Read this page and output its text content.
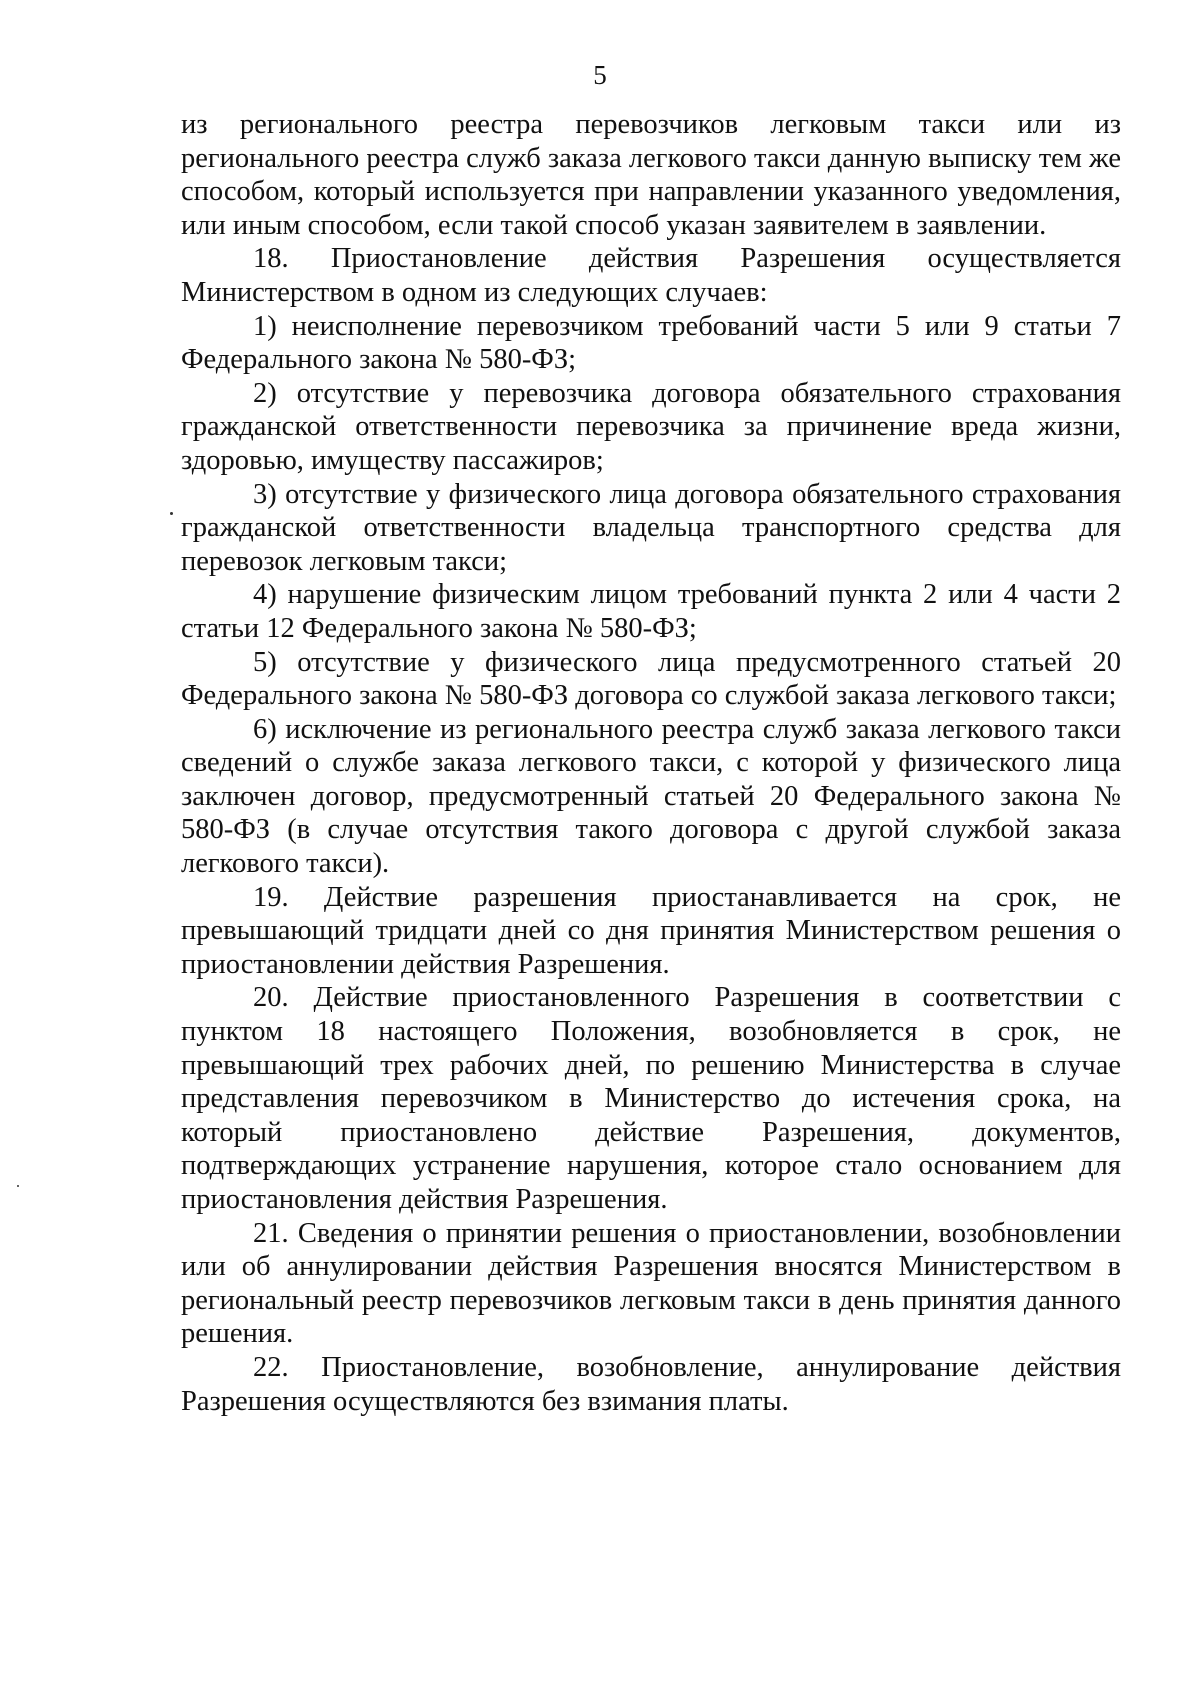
5

из регионального реестра перевозчиков легковым такси или из регионального реестра служб заказа легкового такси данную выписку тем же способом, который используется при направлении указанного уведомления, или иным способом, если такой способ указан заявителем в заявлении.

18. Приостановление действия Разрешения осуществляется Министерством в одном из следующих случаев:

1) неисполнение перевозчиком требований части 5 или 9 статьи 7 Федерального закона № 580-ФЗ;

2) отсутствие у перевозчика договора обязательного страхования гражданской ответственности перевозчика за причинение вреда жизни, здоровью, имуществу пассажиров;

3) отсутствие у физического лица договора обязательного страхования гражданской ответственности владельца транспортного средства для перевозок легковым такси;

4) нарушение физическим лицом требований пункта 2 или 4 части 2 статьи 12 Федерального закона № 580-ФЗ;

5) отсутствие у физического лица предусмотренного статьей 20 Федерального закона № 580-ФЗ договора со службой заказа легкового такси;

6) исключение из регионального реестра служб заказа легкового такси сведений о службе заказа легкового такси, с которой у физического лица заключен договор, предусмотренный статьей 20 Федерального закона № 580-ФЗ (в случае отсутствия такого договора с другой службой заказа легкового такси).

19. Действие разрешения приостанавливается на срок, не превышающий тридцати дней со дня принятия Министерством решения о приостановлении действия Разрешения.

20. Действие приостановленного Разрешения в соответствии с пунктом 18 настоящего Положения, возобновляется в срок, не превышающий трех рабочих дней, по решению Министерства в случае представления перевозчиком в Министерство до истечения срока, на который приостановлено действие Разрешения, документов, подтверждающих устранение нарушения, которое стало основанием для приостановления действия Разрешения.

21. Сведения о принятии решения о приостановлении, возобновлении или об аннулировании действия Разрешения вносятся Министерством в региональный реестр перевозчиков легковым такси в день принятия данного решения.

22. Приостановление, возобновление, аннулирование действия Разрешения осуществляются без взимания платы.
